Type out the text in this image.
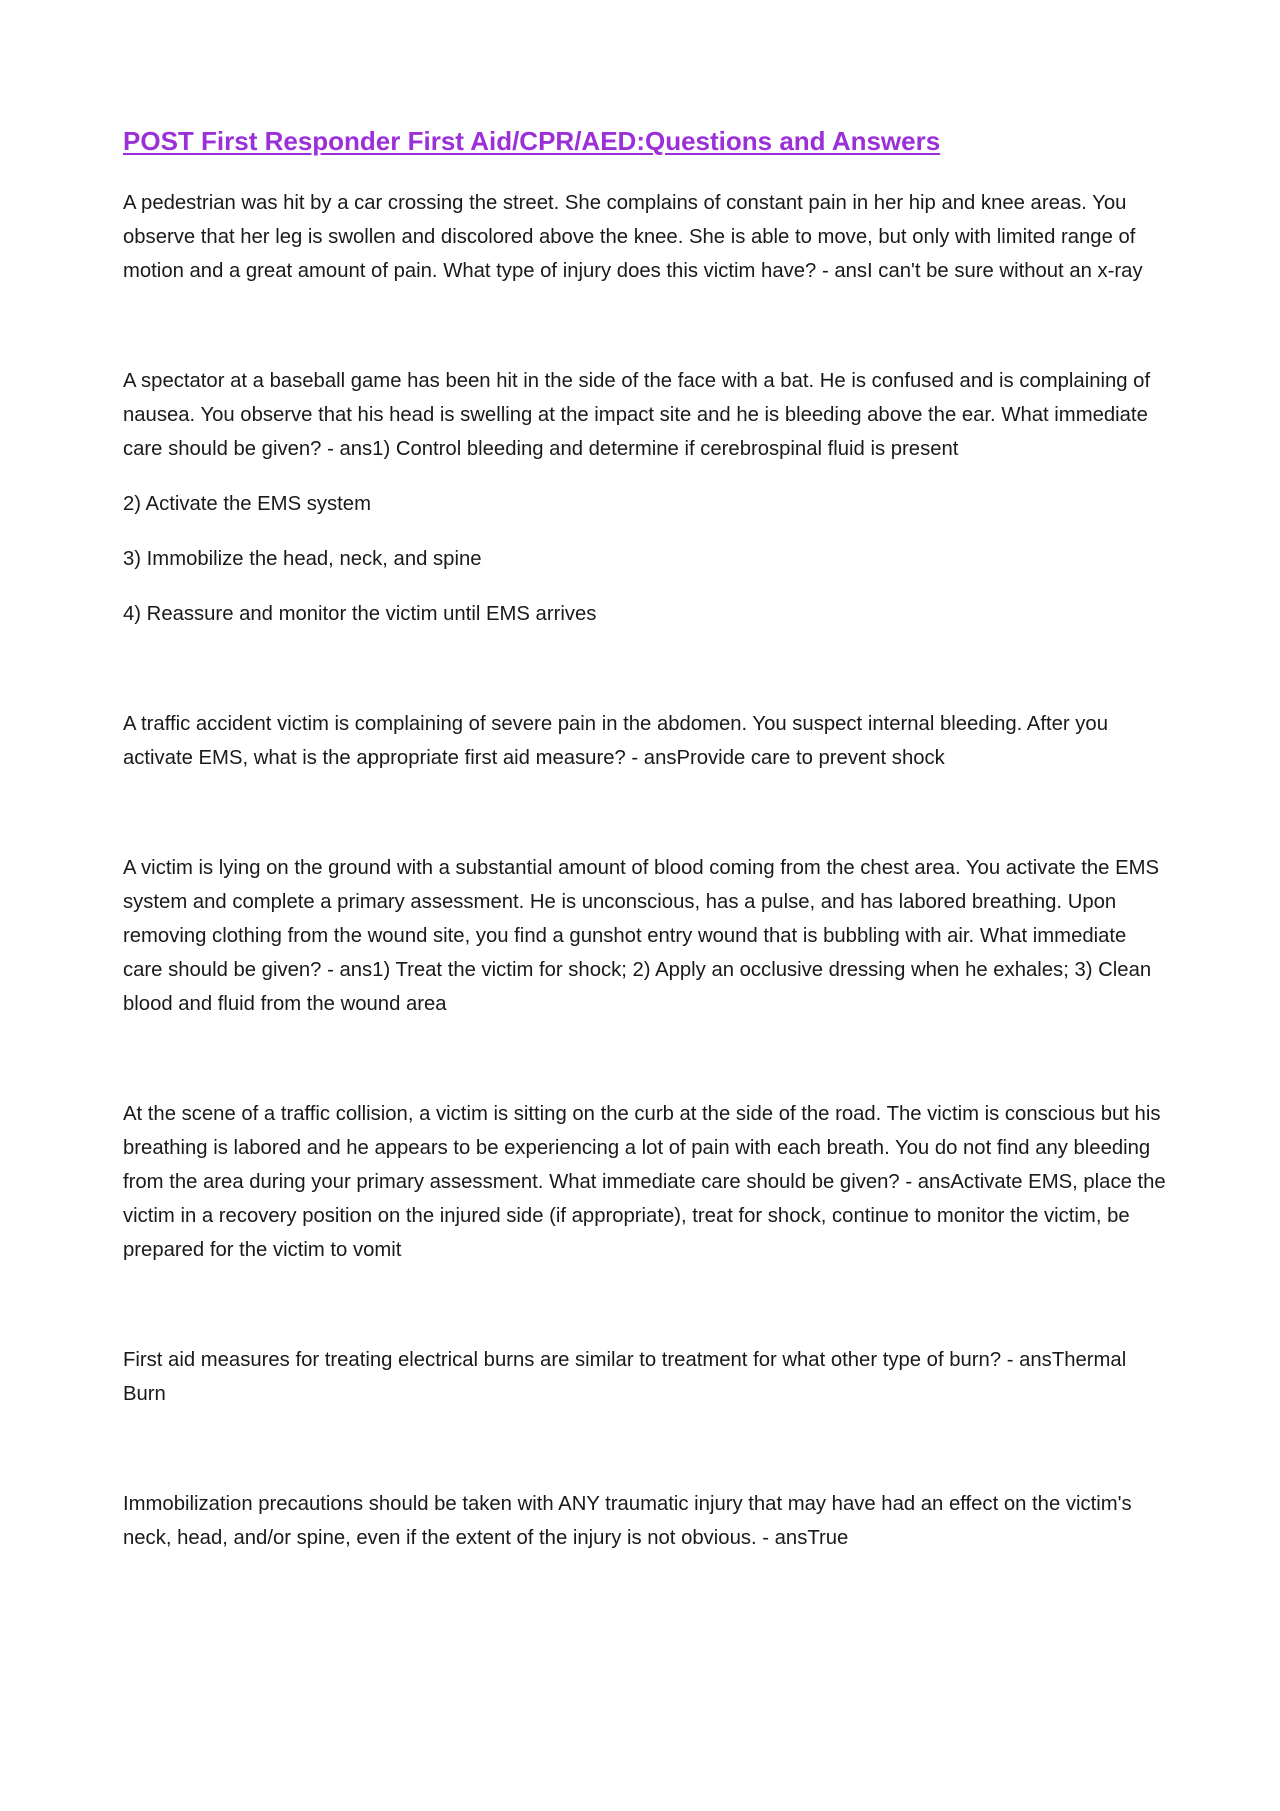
POST First Responder First Aid/CPR/AED:Questions and Answers

A pedestrian was hit by a car crossing the street. She complains of constant pain in her hip and knee areas. You observe that her leg is swollen and discolored above the knee. She is able to move, but only with limited range of motion and a great amount of pain. What type of injury does this victim have? - ansI can't be sure without an x-ray

A spectator at a baseball game has been hit in the side of the face with a bat. He is confused and is complaining of nausea. You observe that his head is swelling at the impact site and he is bleeding above the ear. What immediate care should be given? - ans1) Control bleeding and determine if cerebrospinal fluid is present

2) Activate the EMS system

3) Immobilize the head, neck, and spine

4) Reassure and monitor the victim until EMS arrives

A traffic accident victim is complaining of severe pain in the abdomen. You suspect internal bleeding. After you activate EMS, what is the appropriate first aid measure? - ansProvide care to prevent shock

A victim is lying on the ground with a substantial amount of blood coming from the chest area. You activate the EMS system and complete a primary assessment. He is unconscious, has a pulse, and has labored breathing. Upon removing clothing from the wound site, you find a gunshot entry wound that is bubbling with air. What immediate care should be given? - ans1) Treat the victim for shock; 2) Apply an occlusive dressing when he exhales; 3) Clean blood and fluid from the wound area

At the scene of a traffic collision, a victim is sitting on the curb at the side of the road. The victim is conscious but his breathing is labored and he appears to be experiencing a lot of pain with each breath. You do not find any bleeding from the area during your primary assessment. What immediate care should be given? - ansActivate EMS, place the victim in a recovery position on the injured side (if appropriate), treat for shock, continue to monitor the victim, be prepared for the victim to vomit

First aid measures for treating electrical burns are similar to treatment for what other type of burn? - ansThermal Burn

Immobilization precautions should be taken with ANY traumatic injury that may have had an effect on the victim's neck, head, and/or spine, even if the extent of the injury is not obvious. - ansTrue
